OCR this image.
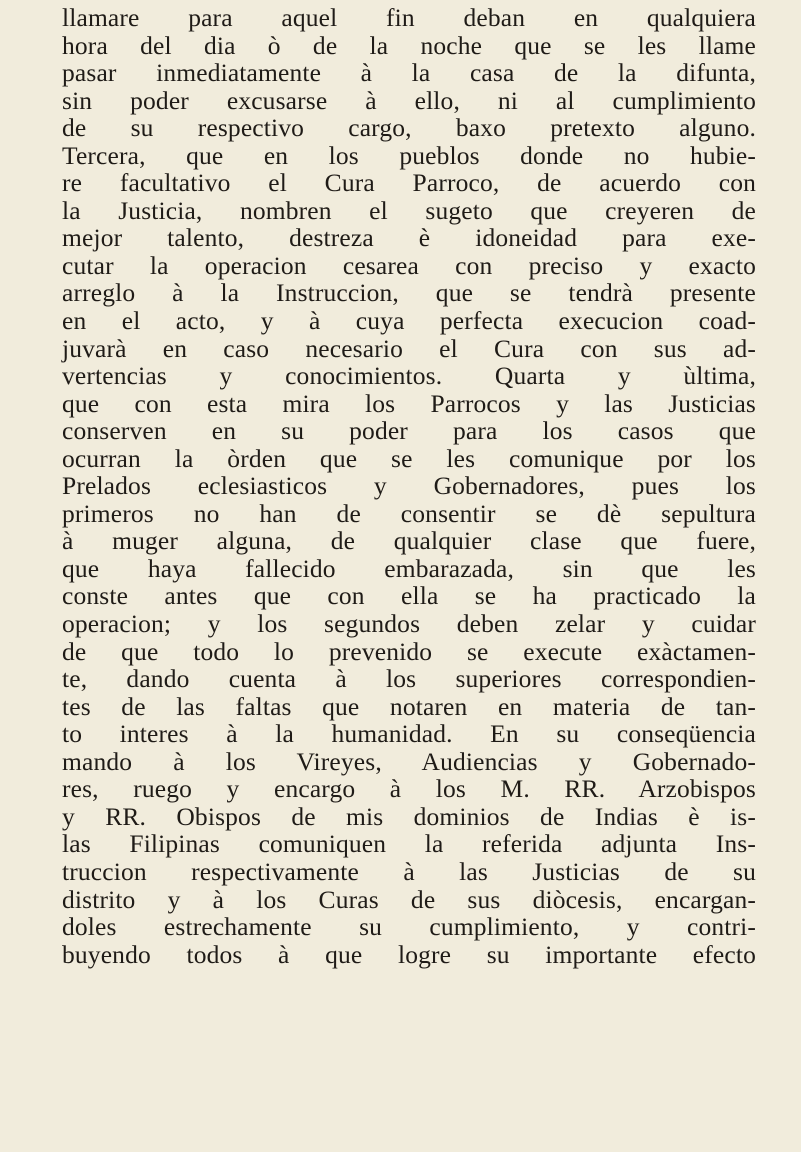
llamare para aquel fin deban en qualquiera
hora del dia ò de la noche que se les llame
pasar inmediatamente à la casa de la difunta,
sin poder excusarse à ello, ni al cumplimiento
de su respectivo cargo, baxo pretexto alguno.
Tercera, que en los pueblos donde no hubie-
re facultativo el Cura Parroco, de acuerdo con
la Justicia, nombren el sugeto que creyeren de
mejor talento, destreza è idoneidad para exe-
cutar la operacion cesarea con preciso y exacto
arreglo à la Instruccion, que se tendrà presente
en el acto, y à cuya perfecta execucion coad-
juvarà en caso necesario el Cura con sus ad-
vertencias y conocimientos. Quarta y ùltima,
que con esta mira los Parrocos y las Justicias
conserven en su poder para los casos que
ocurran la òrden que se les comunique por los
Prelados eclesiasticos y Gobernadores, pues los
primeros no han de consentir se dè sepultura
à muger alguna, de qualquier clase que fuere,
que haya fallecido embarazada, sin que les
conste antes que con ella se ha practicado la
operacion; y los segundos deben zelar y cuidar
de que todo lo prevenido se execute exàctamen-
te, dando cuenta à los superiores correspondien-
tes de las faltas que notaren en materia de tan-
to interes à la humanidad. En su conseqüencia
mando à los Vireyes, Audiencias y Gobernado-
res, ruego y encargo à los M. RR. Arzobispos
y RR. Obispos de mis dominios de Indias è is-
las Filipinas comuniquen la referida adjunta Ins-
truccion respectivamente à las Justicias de su
distrito y à los Curas de sus diòcesis, encargan-
doles estrechamente su cumplimiento, y contri-
buyendo todos à que logre su importante efecto
